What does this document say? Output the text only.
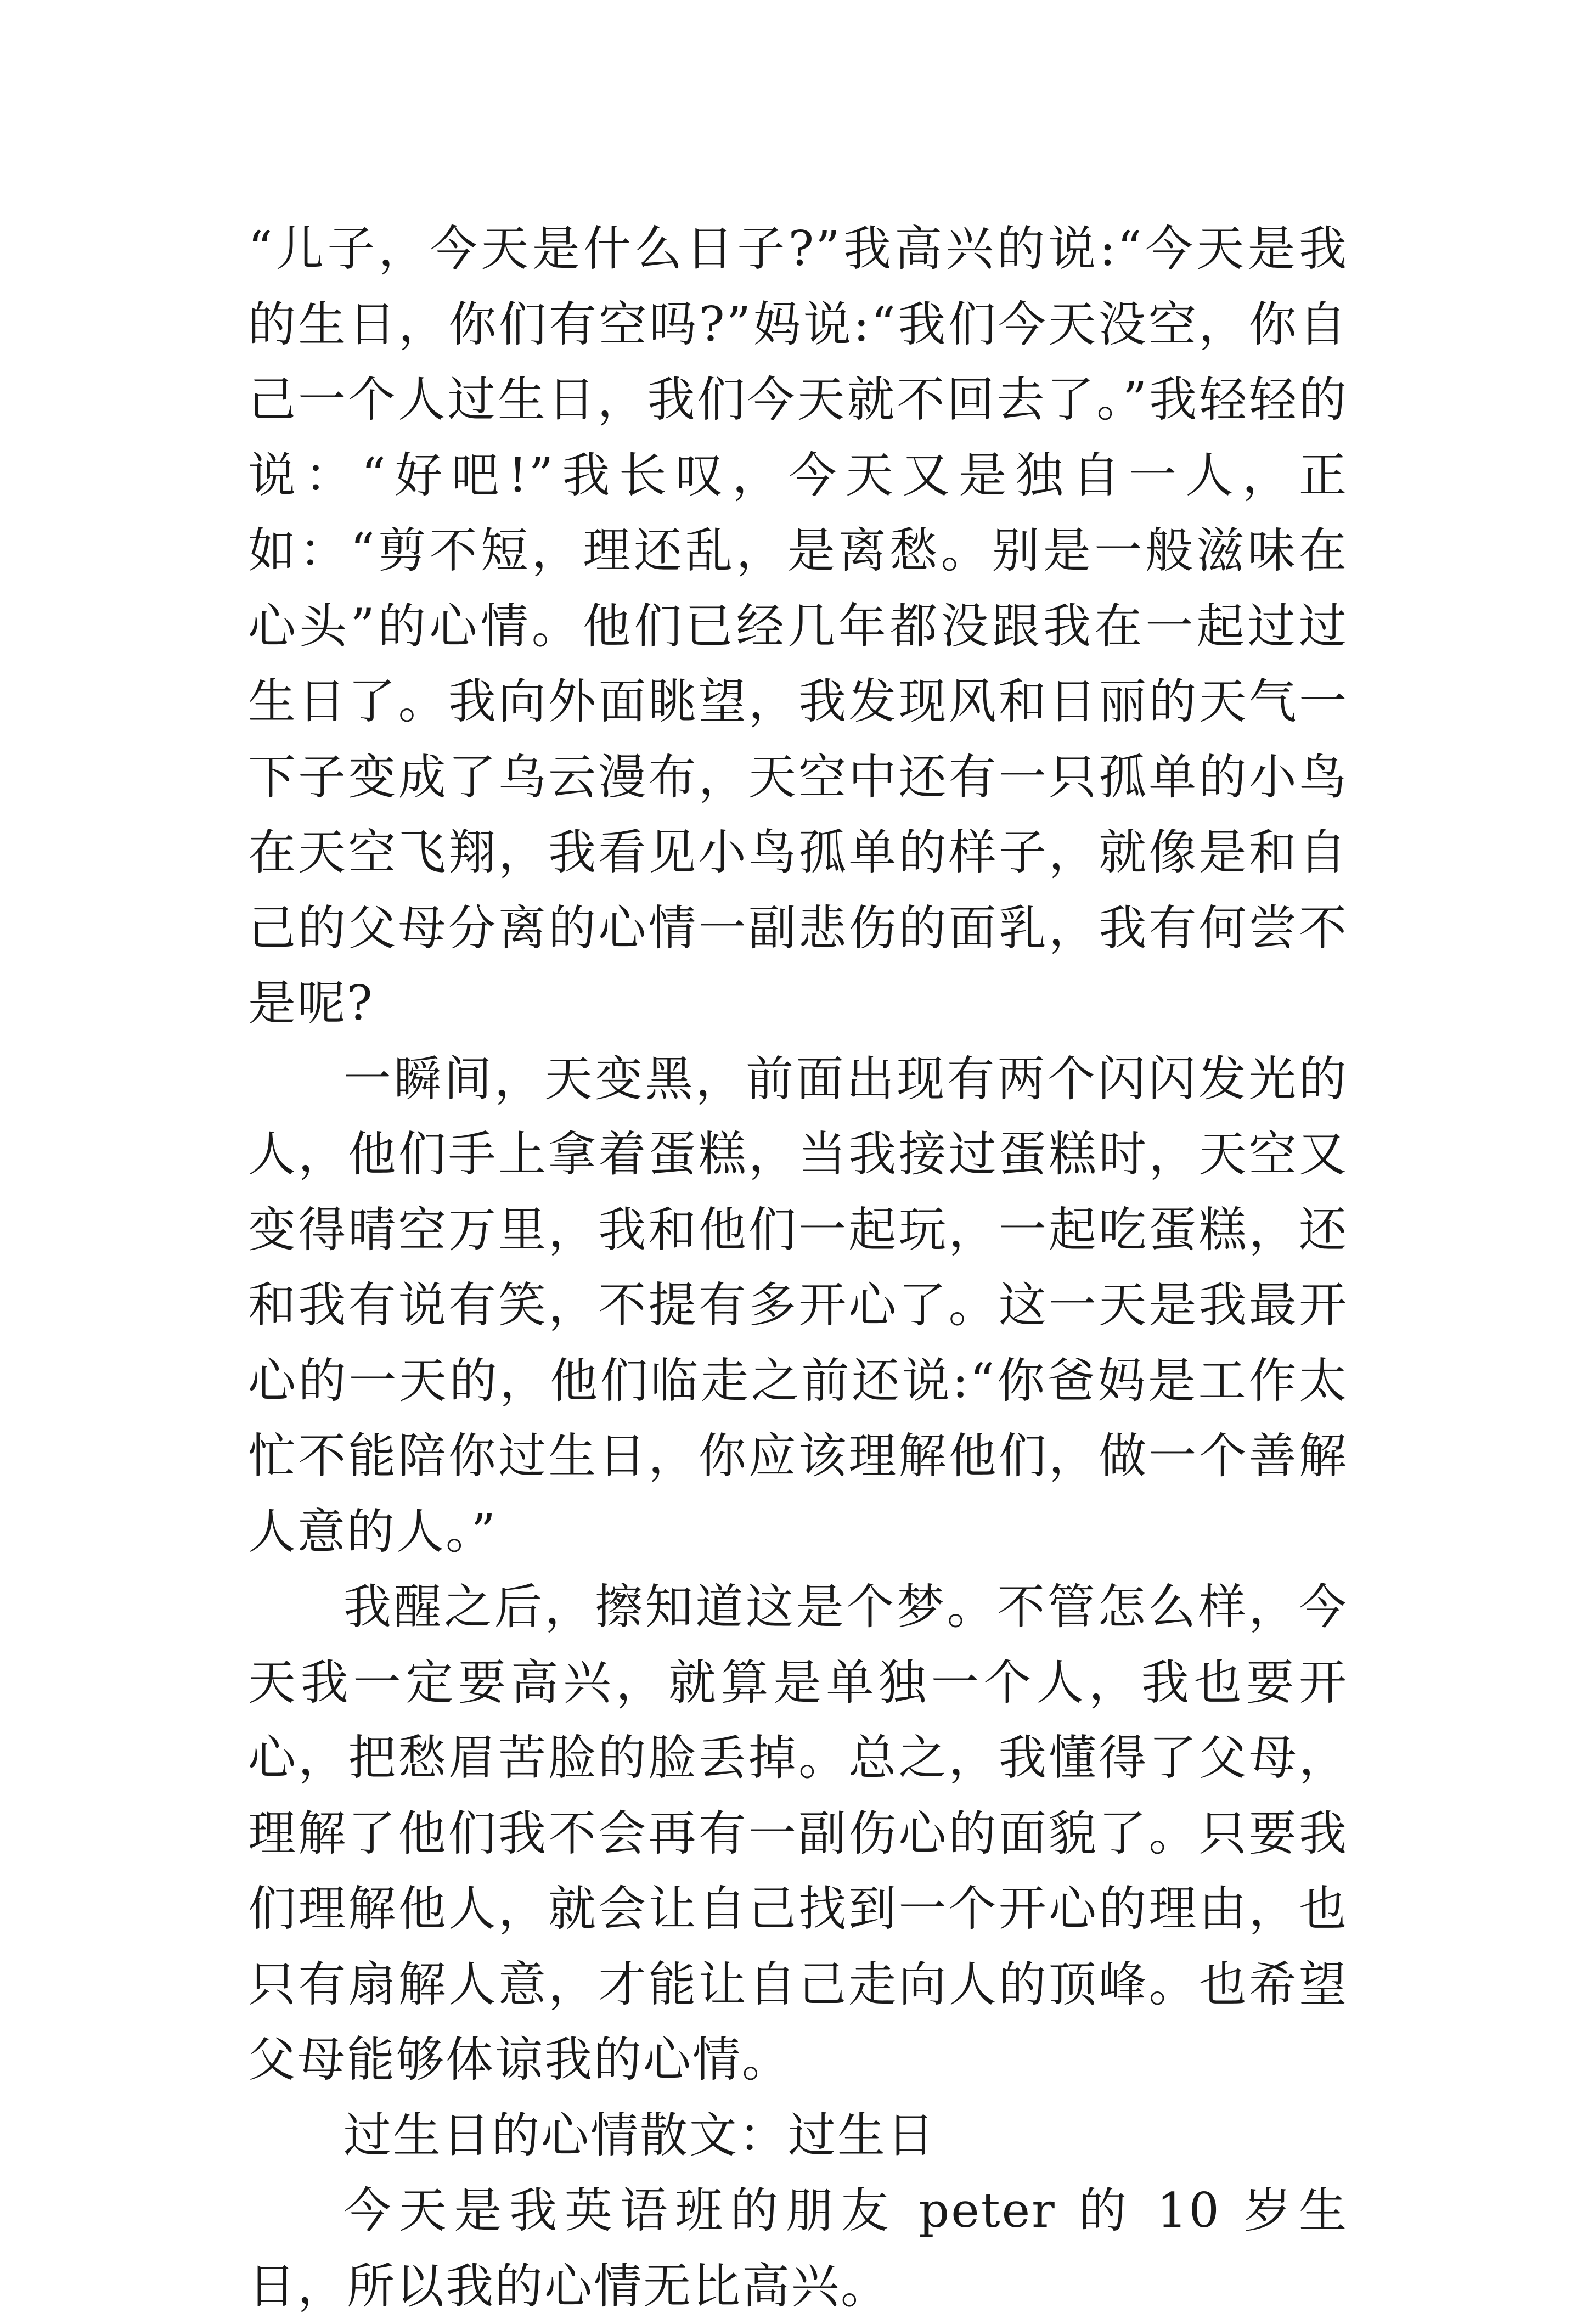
“儿子，今天是什么日子?”我高兴的说:“今天是我的生日，你们有空吗?”妈说:“我们今天没空，你自己一个人过生日，我们今天就不回去了。”我轻轻的说：“好吧!”我长叹，今天又是独自一人，正如：“剪不短，理还乱，是离愁。别是一般滋味在心头”的心情。他们已经几年都没跟我在一起过过生日了。我向外面眺望，我发现风和日丽的天气一下子变成了乌云漫布，天空中还有一只孤单的小鸟在天空飞翔，我看见小鸟孤单的样子，就像是和自己的父母分离的心情一副悲伤的面乳，我有何尝不是呢?

一瞬间，天变黑，前面出现有两个闪闪发光的人，他们手上拿着蛋糕，当我接过蛋糕时，天空又变得晴空万里，我和他们一起玩，一起吃蛋糕，还和我有说有笑，不提有多开心了。这一天是我最开心的一天的，他们临走之前还说:“你爸妈是工作太忙不能陪你过生日，你应该理解他们，做一个善解人意的人。”

我醒之后，擦知道这是个梦。不管怎么样，今天我一定要高兴，就算是单独一个人，我也要开心，把愁眉苦脸的脸丢掉。总之，我懂得了父母，理解了他们我不会再有一副伤心的面貌了。只要我们理解他人，就会让自己找到一个开心的理由，也只有扇解人意，才能让自己走向人的顶峰。也希望父母能够体谅我的心情。

过生日的心情散文：过生日

今天是我英语班的朋友 peter 的 10 岁生日，所以我的心情无比高兴。
